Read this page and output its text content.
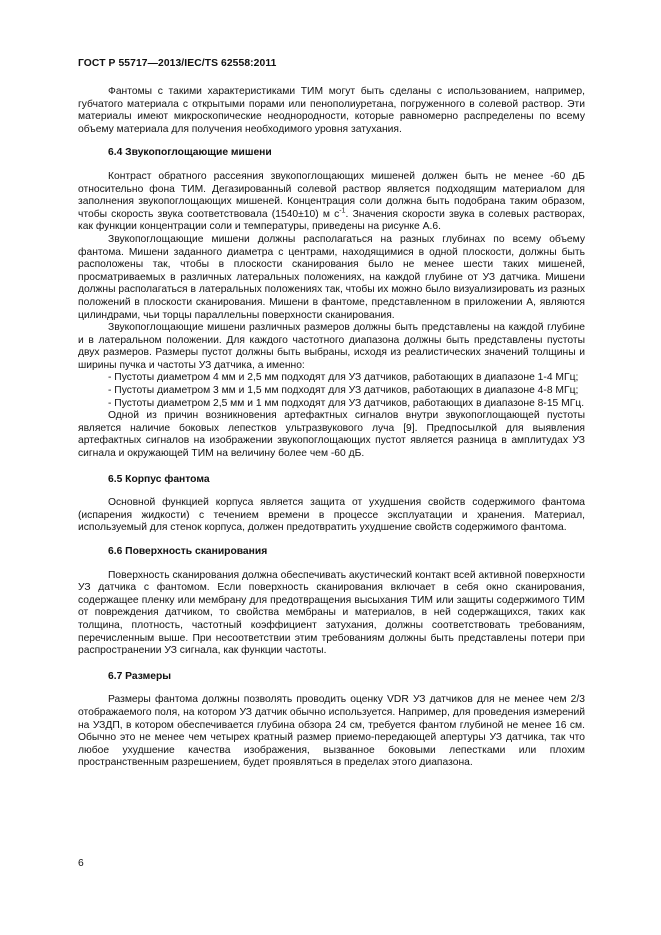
ГОСТ Р 55717—2013/IEC/TS 62558:2011

Фантомы с такими характеристиками ТИМ могут быть сделаны с использованием, например, губчатого материала с открытыми порами или пенополиуретана, погруженного в солевой раствор. Эти материалы имеют микроскопические неоднородности, которые равномерно распределены по всему объему материала для получения необходимого уровня затухания.

6.4 Звукопоглощающие мишени

Контраст обратного рассеяния звукопоглощающих мишеней должен быть не менее -60 дБ относительно фона ТИМ. Дегазированный солевой раствор является подходящим материалом для заполнения звукопоглощающих мишеней. Концентрация соли должна быть подобрана таким образом, чтобы скорость звука соответствовала (1540±10) м $с^{-1}$. Значения скорости звука в солевых растворах, как функции концентрации соли и температуры, приведены на рисунке А.6.

Звукопоглощающие мишени должны располагаться на разных глубинах по всему объему фантома. Мишени заданного диаметра с центрами, находящимися в одной плоскости, должны быть расположены так, чтобы в плоскости сканирования было не менее шести таких мишеней, просматриваемых в различных латеральных положениях, на каждой глубине от УЗ датчика. Мишени должны располагаться в латеральных положениях так, чтобы их можно было визуализировать из разных положений в плоскости сканирования. Мишени в фантоме, представленном в приложении А, являются цилиндрами, чьи торцы параллельны поверхности сканирования.

Звукопоглощающие мишени различных размеров должны быть представлены на каждой глубине и в латеральном положении. Для каждого частотного диапазона должны быть представлены пустоты двух размеров. Размеры пустот должны быть выбраны, исходя из реалистических значений толщины и ширины пучка и частоты УЗ датчика, а именно:

- Пустоты диаметром 4 мм и 2,5 мм подходят для УЗ датчиков, работающих в диапазоне 1-4 МГц;

- Пустоты диаметром 3 мм и 1,5 мм подходят для УЗ датчиков, работающих в диапазоне 4-8 МГц;

- Пустоты диаметром 2,5 мм и 1 мм подходят для УЗ датчиков, работающих в диапазоне 8-15 МГц.

Одной из причин возникновения артефактных сигналов внутри звукопоглощающей пустоты является наличие боковых лепестков ультразвукового луча [9]. Предпосылкой для выявления артефактных сигналов на изображении звукопоглощающих пустот является разница в амплитудах УЗ сигнала и окружающей ТИМ на величину более чем -60 дБ.

6.5 Корпус фантома

Основной функцией корпуса является защита от ухудшения свойств содержимого фантома (испарения жидкости) с течением времени в процессе эксплуатации и хранения. Материал, используемый для стенок корпуса, должен предотвратить ухудшение свойств содержимого фантома.

6.6 Поверхность сканирования

Поверхность сканирования должна обеспечивать акустический контакт всей активной поверхности УЗ датчика с фантомом. Если поверхность сканирования включает в себя окно сканирования, содержащее пленку или мембрану для предотвращения высыхания ТИМ или защиты содержимого ТИМ от повреждения датчиком, то свойства мембраны и материалов, в ней содержащихся, таких как толщина, плотность, частотный коэффициент затухания, должны соответствовать требованиям, перечисленным выше. При несоответствии этим требованиям должны быть представлены потери при распространении УЗ сигнала, как функции частоты.

6.7 Размеры

Размеры фантома должны позволять проводить оценку VDR УЗ датчиков для не менее чем 2/3 отображаемого поля, на котором УЗ датчик обычно используется. Например, для проведения измерений на УЗДП, в котором обеспечивается глубина обзора 24 см, требуется фантом глубиной не менее 16 см. Обычно это не менее чем четырех кратный размер приемо-передающей апертуры УЗ датчика, так что любое ухудшение качества изображения, вызванное боковыми лепестками или плохим пространственным разрешением, будет проявляться в пределах этого диапазона.

6
